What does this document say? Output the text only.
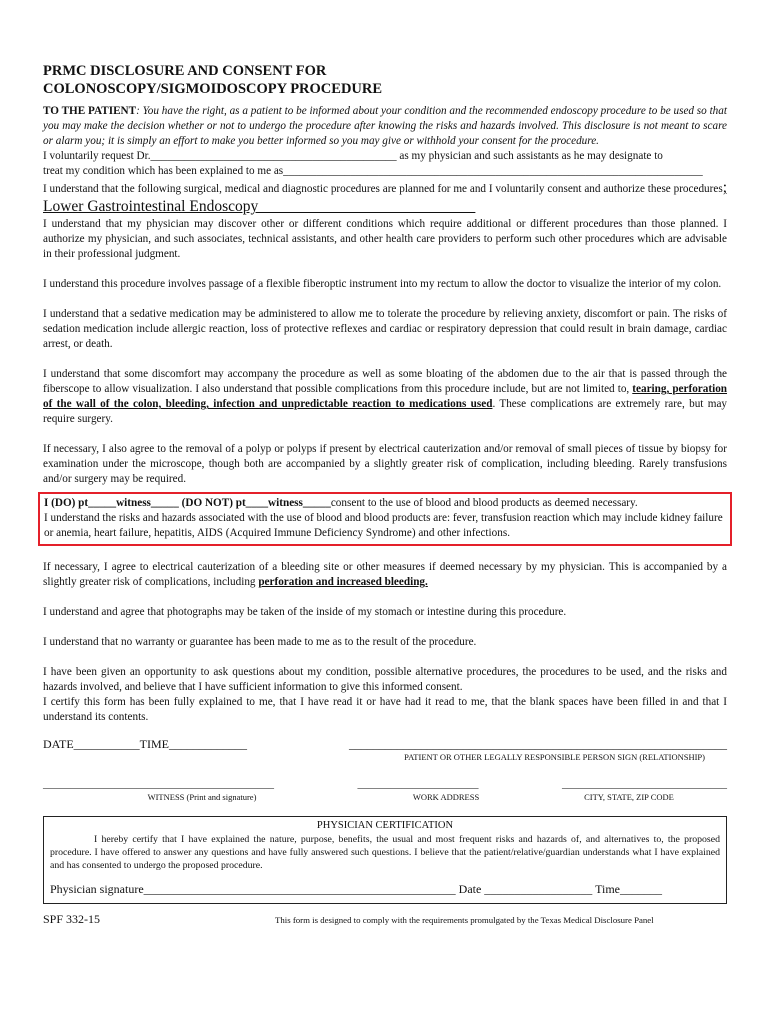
PRMC DISCLOSURE AND CONSENT FOR
COLONOSCOPY/SIGMOIDOSCOPY PROCEDURE

TO THE PATIENT: You have the right, as a patient to be informed about your condition and the recommended endoscopy procedure to be used so that you may make the decision whether or not to undergo the procedure after knowing the risks and hazards involved. This disclosure is not meant to scare or alarm you; it is simply an effort to make you better informed so you may give or withhold your consent for the procedure.

I voluntarily request Dr.____________________________________________ as my physician and such assistants as he may designate to

treat my condition which has been explained to me as___________________________________________________________________________

I understand that the following surgical, medical and diagnostic procedures are planned for me and I voluntarily consent and authorize these procedures; Lower Gastrointestinal Endoscopy____________________________

I understand that my physician may discover other or different conditions which require additional or different procedures than those planned. I authorize my physician, and such associates, technical assistants, and other health care providers to perform such other procedures which are advisable in their professional judgment.

I understand this procedure involves passage of a flexible fiberoptic instrument into my rectum to allow the doctor to visualize the interior of my colon.

I understand that a sedative medication may be administered to allow me to tolerate the procedure by relieving anxiety, discomfort or pain. The risks of sedation medication include allergic reaction, loss of protective reflexes and cardiac or respiratory depression that could result in brain damage, cardiac arrest, or death.

I understand that some discomfort may accompany the procedure as well as some bloating of the abdomen due to the air that is passed through the fiberscope to allow visualization. I also understand that possible complications from this procedure include, but are not limited to, tearing, perforation of the wall of the colon, bleeding, infection and unpredictable reaction to medications used. These complications are extremely rare, but may require surgery.

If necessary, I also agree to the removal of a polyp or polyps if present by electrical cauterization and/or removal of small pieces of tissue by biopsy for examination under the microscope, though both are accompanied by a slightly greater risk of complication, including bleeding. Rarely transfusions and/or surgery may be required.

I (DO) pt_____witness_____ (DO NOT) pt____witness_____consent to the use of blood and blood products as deemed necessary.

I understand the risks and hazards associated with the use of blood and blood products are: fever, transfusion reaction which may include kidney failure or anemia, heart failure, hepatitis, AIDS (Acquired Immune Deficiency Syndrome) and other infections.

If necessary, I agree to electrical cauterization of a bleeding site or other measures if deemed necessary by my physician. This is accompanied by a slightly greater risk of complications, including perforation and increased bleeding.

I understand and agree that photographs may be taken of the inside of my stomach or intestine during this procedure.

I understand that no warranty or guarantee has been made to me as to the result of the procedure.

I have been given an opportunity to ask questions about my condition, possible alternative procedures, the procedures to be used, and the risks and hazards involved, and believe that I have sufficient information to give this informed consent.

I certify this form has been fully explained to me, that I have read it or have had it read to me, that the blank spaces have been filled in and that I understand its contents.

DATE___________TIME_____________	_______________________________________________________________
PATIENT OR OTHER LEGALLY RESPONSIBLE PERSON SIGN (RELATIONSHIP)
__________________________________________	______________________	______________________________
WITNESS (Print and signature)	WORK ADDRESS	CITY, STATE, ZIP CODE
PHYSICIAN CERTIFICATION

I hereby certify that I have explained the nature, purpose, benefits, the usual and most frequent risks and hazards of, and alternatives to, the proposed procedure. I have offered to answer any questions and have fully answered such questions. I believe that the patient/relative/guardian understands what I have explained and has consented to undergo the proposed procedure.

Physician signature____________________________________________________ Date __________________ Time_______
SPF 332-15	This form is designed to comply with the requirements promulgated by the Texas Medical Disclosure Panel
